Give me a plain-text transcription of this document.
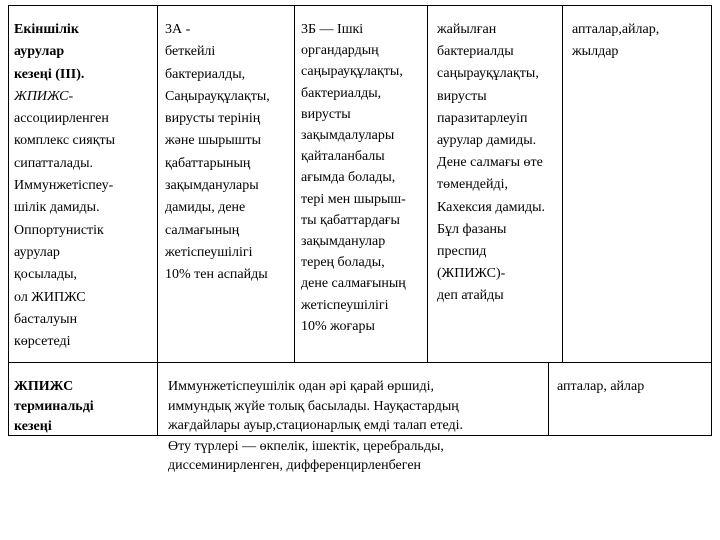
Екіншілік
аурулар
кезеңі (ІІІ).
ЖПИЖС-
ассоциирленген
комплекс сияқты
сипатталады.
Иммунжетіспеу-
шілік дамиды.
Оппортунистік
аурулар
қосылады,
ол ЖИПЖС
басталуын
көрсетеді
3А -
беткейлі
бактериалды,
Саңырауқұлақты,
вирусты терінің
және шырышты
қабаттарының
зақымданулары
дамиды, дене
салмағының
жетіспеушілігі
10% тен аспайды
3Б — Ішкі
органдардың
саңырауқұлақты,
бактериалды,
вирусты
зақымдалулары
қайталанбалы
ағымда болады,
тері мен шырыш-
ты қабаттардағы
зақымданулар
терең болады,
дене салмағының
жетіспеушілігі
10% жоғары
жайылған
бактериалды
саңырауқұлақты,
вирусты
паразитарлеуіп
аурулар дамиды.
Дене салмағы өте
төмендейді,
Кахексия дамиды.
Бұл фазаны
преспид
(ЖПИЖС)-
деп атайды
апталар,айлар,
жылдар
ЖПИЖС
терминальді
кезеңі
Иммунжетіспеушілік одан әрі қарай өршиді,
иммундық жүйе толық басылады. Науқастардың
жағдайлары ауыр,стационарлық емді талап етеді.
Өту түрлері — өкпелік, ішектік, церебральды,
диссеминирленген, дифференцирленбеген
апталар, айлар
